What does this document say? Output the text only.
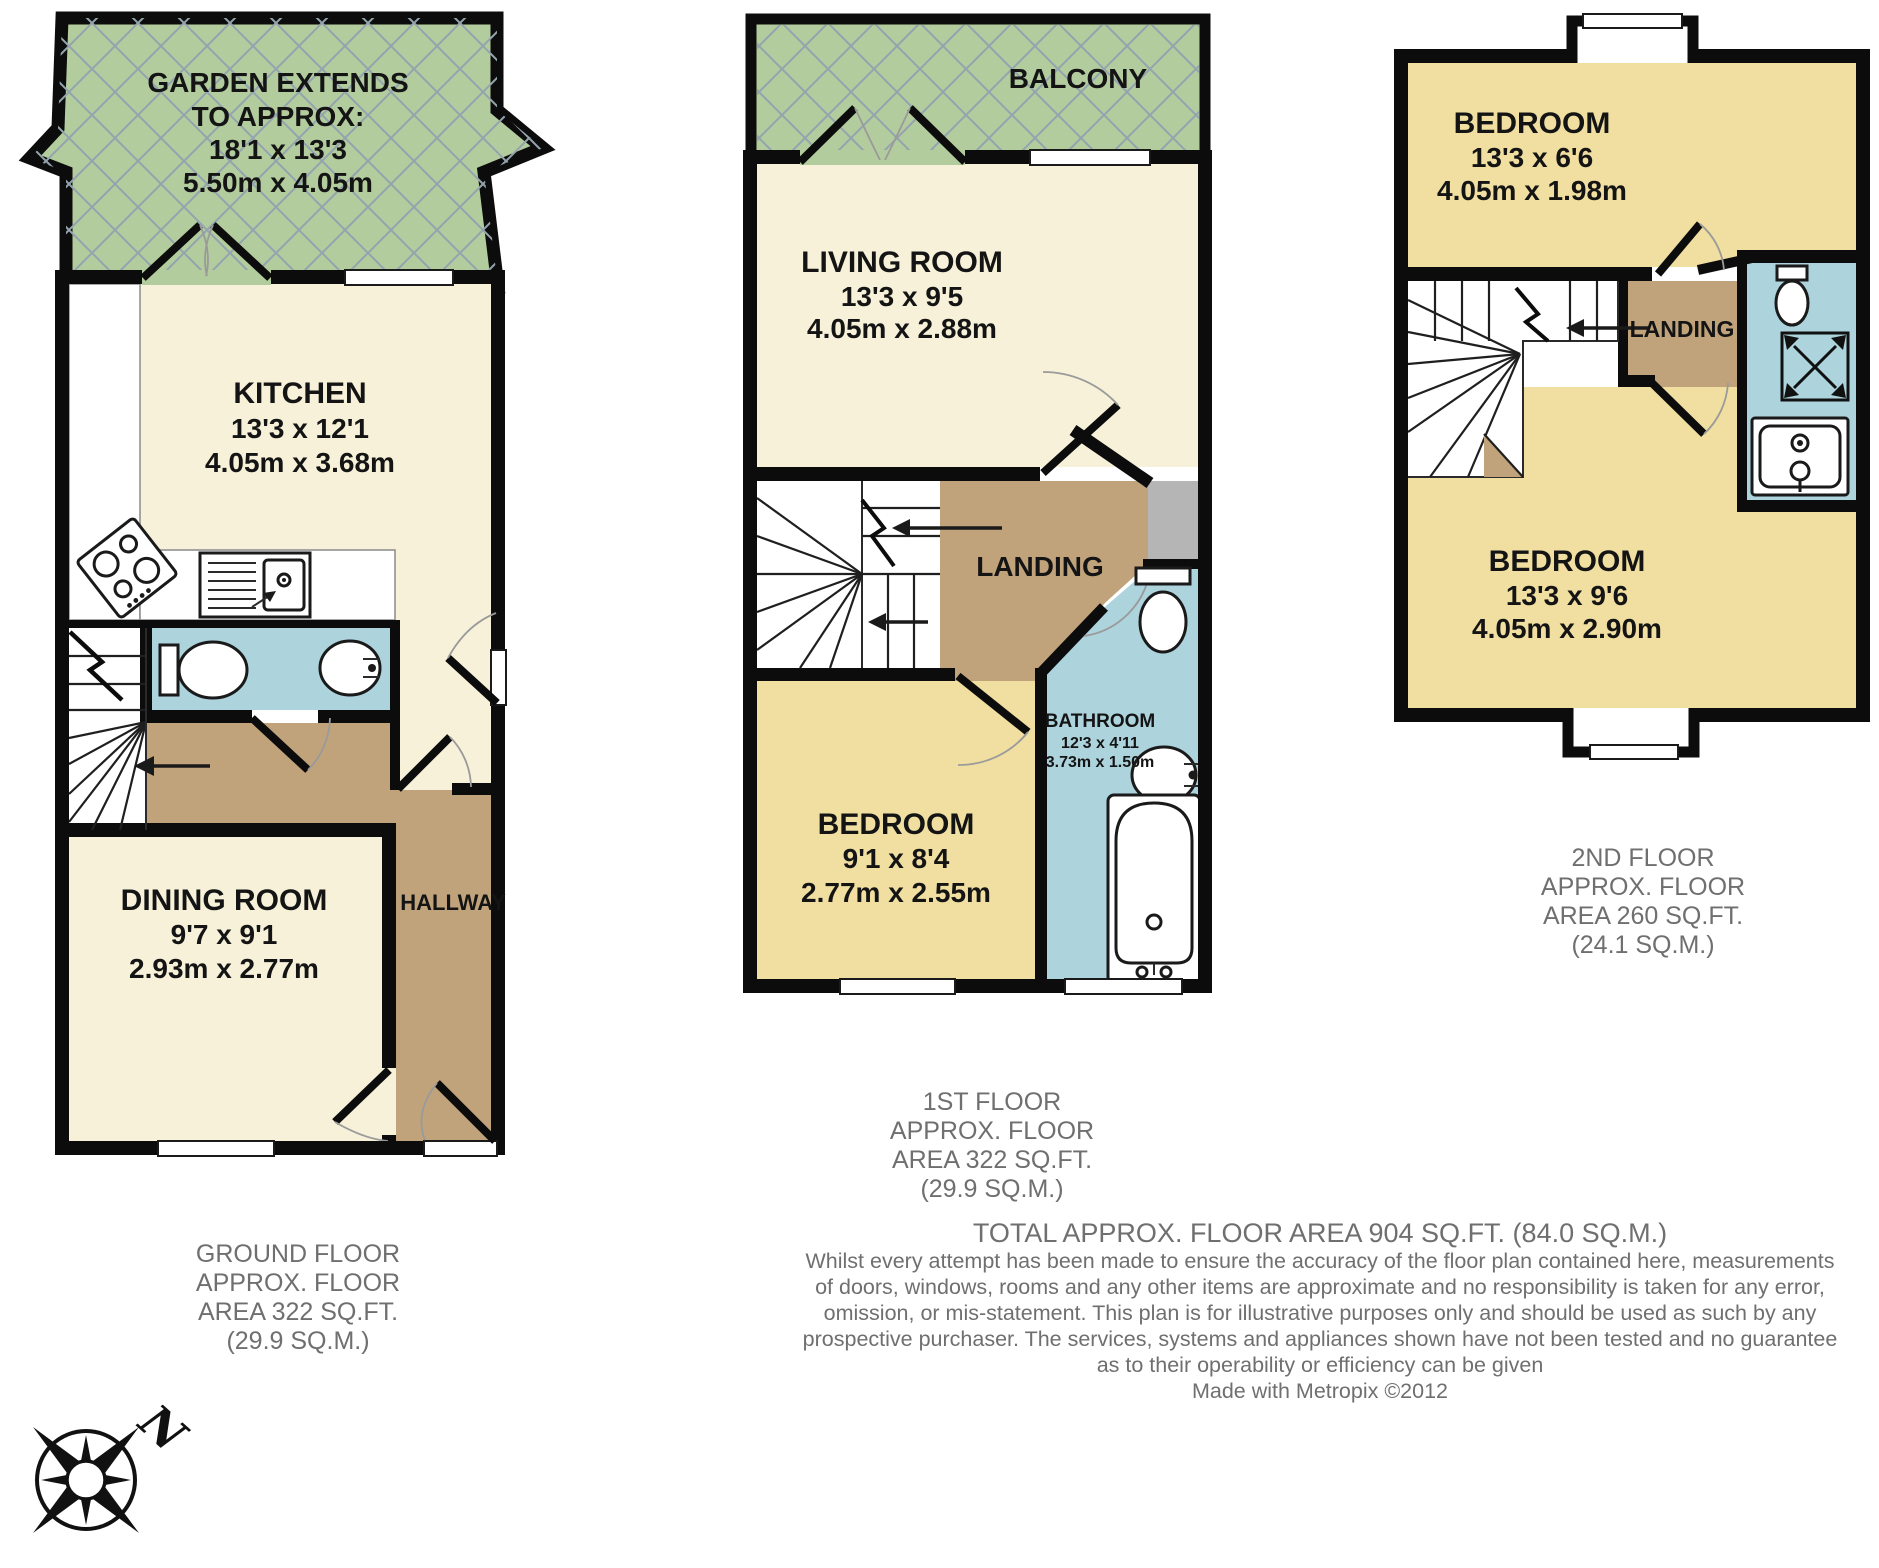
GARDEN EXTENDS
TO APPROX:
18'1 x 13'3
5.50m x 4.05m
KITCHEN
13'3 x 12'1
4.05m x 3.68m
DINING ROOM
9'7 x 9'1
2.93m x 2.77m
HALLWAY
GROUND FLOOR
APPROX. FLOOR
AREA 322 SQ.FT.
(29.9 SQ.M.)
BALCONY
LIVING ROOM
13'3 x 9'5
4.05m x 2.88m
LANDING
BEDROOM
9'1 x 8'4
2.77m x 2.55m
BATHROOM
12'3 x 4'11
3.73m x 1.50m
1ST FLOOR
APPROX. FLOOR
AREA 322 SQ.FT.
(29.9 SQ.M.)
BEDROOM
13'3 x 6'6
4.05m x 1.98m
LANDING
BEDROOM
13'3 x 9'6
4.05m x 2.90m
2ND FLOOR
APPROX. FLOOR
AREA 260 SQ.FT.
(24.1 SQ.M.)
TOTAL APPROX. FLOOR AREA 904 SQ.FT. (84.0 SQ.M.)
Whilst every attempt has been made to ensure the accuracy of the floor plan contained here, measurements
of doors, windows, rooms and any other items are approximate and no responsibility is taken for any error,
omission, or mis-statement. This plan is for illustrative purposes only and should be used as such by any
prospective purchaser. The services, systems and appliances shown have not been tested and no guarantee
as to their operability or efficiency can be given
Made with Metropix ©2012
N
